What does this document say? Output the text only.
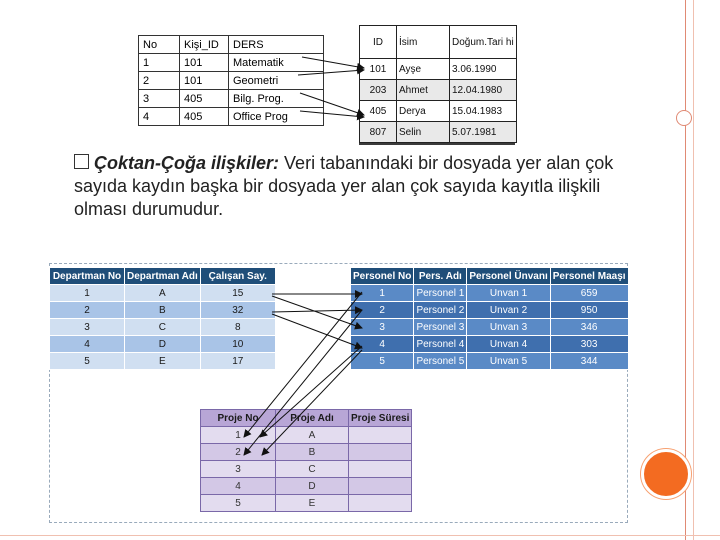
No	Kişi_ID	DERS
1	101	Matematik
2	101	Geometri
3	405	Bilg. Prog.
4	405	Office Prog
ID	İsim	Doğum.Tari hi
101	Ayşe	3.06.1990
203	Ahmet	12.04.1980
405	Derya	15.04.1983
807	Selin	5.07.1981
Çoktan-Çoğa ilişkiler: Veri tabanındaki bir dosyada yer alan çok sayıda kaydın başka bir dosyada yer alan çok sayıda kayıtla ilişkili olması durumudur.
Departman No	Departman Adı	Çalışan Say.
1	A	15
2	B	32
3	C	8
4	D	10
5	E	17
Personel No	Pers. Adı	Personel Ünvanı	Personel Maaşı
1	Personel 1	Unvan 1	659
2	Personel 2	Unvan 2	950
3	Personel 3	Unvan 3	346
4	Personel 4	Unvan 4	303
5	Personel 5	Unvan 5	344
Proje No	Proje Adı	Proje Süresi
1	A	
2	B	
3	C	
4	D	
5	E	
